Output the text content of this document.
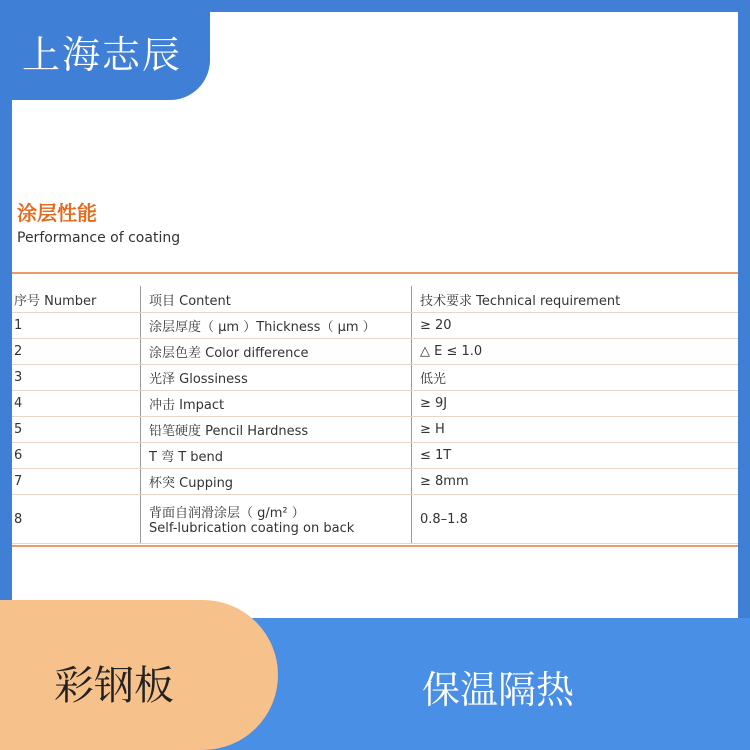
上海志辰
涂层性能
Performance of coating
序号 Number	项目 Content	技术要求 Technical requirement
1	涂层厚度（ μm ）Thickness（ μm ）	≥ 20
2	涂层色差 Color difference	△ E ≤ 1.0
3	光泽 Glossiness	低光
4	冲击 Impact	≥ 9J
5	铅笔硬度 Pencil Hardness	≥ H
6	T 弯 T bend	≤ 1T
7	杯突 Cupping	≥ 8mm
8	背面自润滑涂层（ g/m² ）
Self-lubrication coating on back	0.8–1.8
彩钢板	保温隔热
